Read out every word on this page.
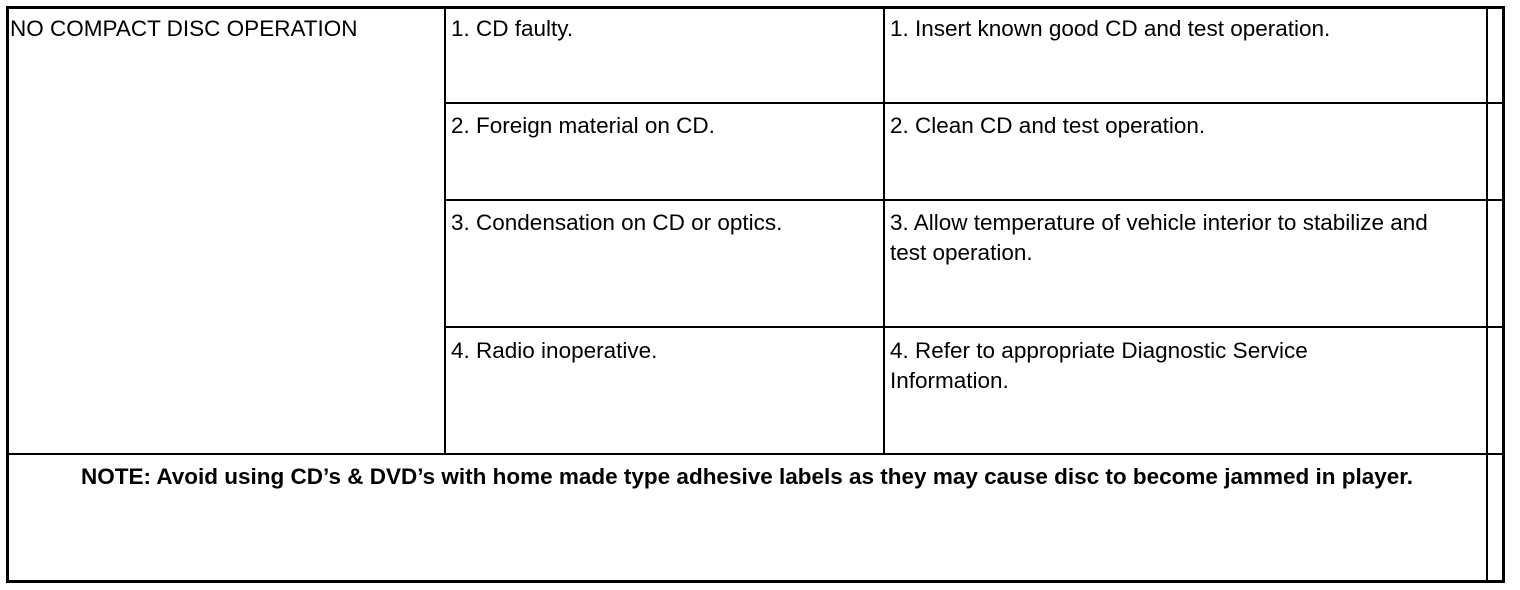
NO COMPACT DISC OPERATION	1. CD faulty.	1. Insert known good CD and test operation.
2. Foreign material on CD.	2. Clean CD and test operation.
3. Condensation on CD or optics.	3. Allow temperature of vehicle interior to stabilize and test operation.
4. Radio inoperative.	4. Refer to appropriate Diagnostic Service Information.
NOTE: Avoid using CD’s & DVD’s with home made type adhesive labels as they may cause disc to become jammed in player.
